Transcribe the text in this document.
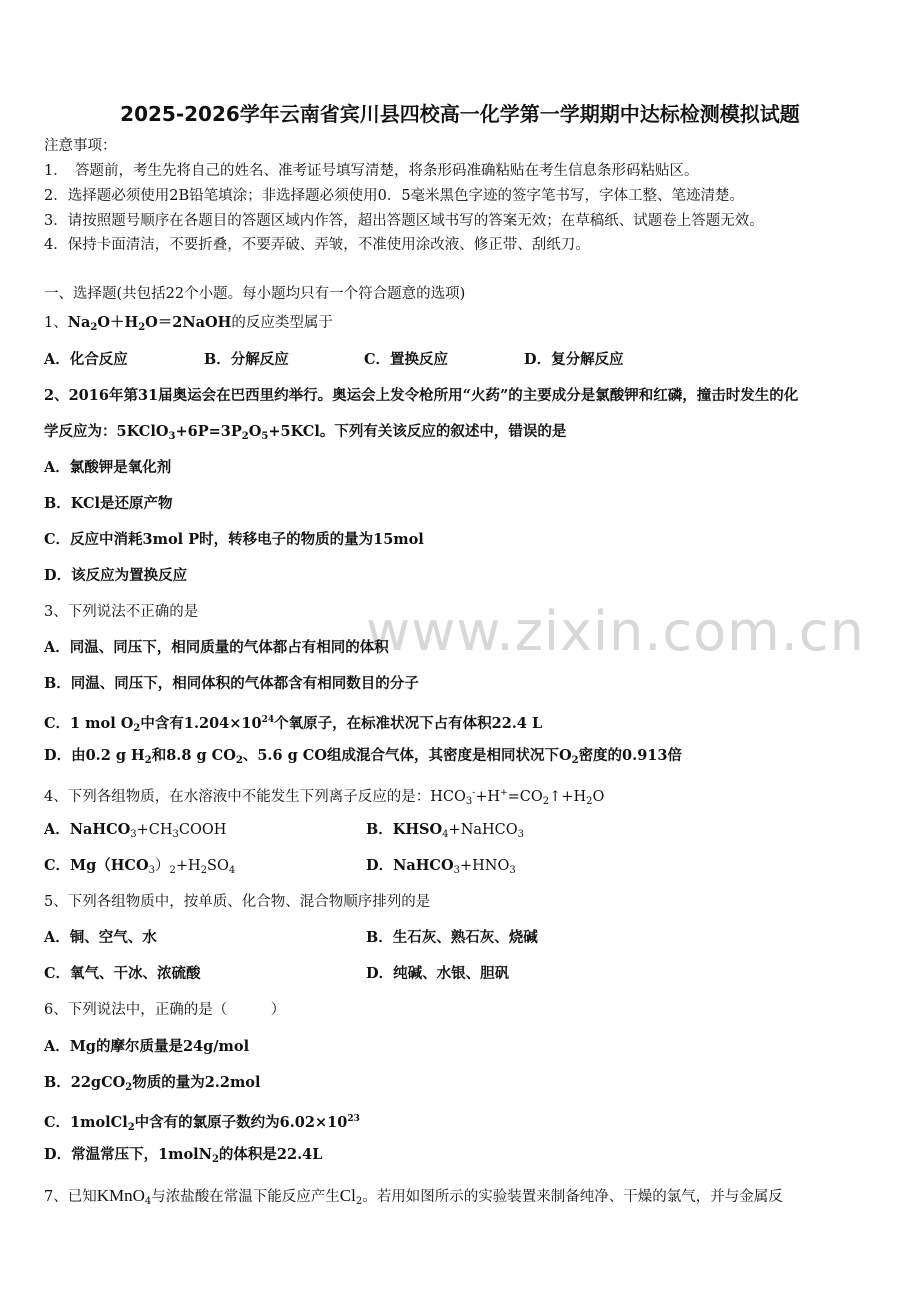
www.zixin.com.cn
2025-2026学年云南省宾川县四校高一化学第一学期期中达标检测模拟试题
注意事项：
1．　答题前，考生先将自己的姓名、准考证号填写清楚，将条形码准确粘贴在考生信息条形码粘贴区。
2．选择题必须使用2B铅笔填涂；非选择题必须使用0．5毫米黑色字迹的签字笔书写，字体工整、笔迹清楚。
3．请按照题号顺序在各题目的答题区域内作答，超出答题区域书写的答案无效；在草稿纸、试题卷上答题无效。
4．保持卡面清洁，不要折叠，不要弄破、弄皱，不准使用涂改液、修正带、刮纸刀。
一、选择题(共包括22个小题。每小题均只有一个符合题意的选项)
1、$Na_2O+H_2O=2NaOH$的反应类型属于
A．化合反应	B．分解反应	C．置换反应	D．复分解反应
2、2016年第31届奥运会在巴西里约举行。奥运会上发令枪所用“火药”的主要成分是氯酸钾和红磷，撞击时发生的化
学反应为：$5KClO_3+6P=3P_2O_5+5KCl$。下列有关该反应的叙述中，错误的是
A．氯酸钾是氧化剂
B．KCl是还原产物
C．反应中消耗3mol P时，转移电子的物质的量为15mol
D．该反应为置换反应
3、下列说法不正确的是
A．同温、同压下，相同质量的气体都占有相同的体积
B．同温、同压下，相同体积的气体都含有相同数目的分子
C．1 mol $O_2$中含有$1.204\times 10^{24}$个氧原子，在标准状况下占有体积22.4 L
D．由0.2 g $H_2$和8.8 g $CO_2$、5.6 g CO组成混合气体，其密度是相同状况下$O_2$密度的0.913倍
4、下列各组物质，在水溶液中不能发生下列离子反应的是：$HCO_3^-+H^+=CO_2↑+H_2O$
A．$NaHCO_3+CH_3COOH$	B．$KHSO_4+NaHCO_3$
C．$Mg(HCO_3)_2+H_2SO_4$	D．$NaHCO_3+HNO_3$
5、下列各组物质中，按单质、化合物、混合物顺序排列的是
A．铜、空气、水	B．生石灰、熟石灰、烧碱
C．氧气、干冰、浓硫酸	D．纯碱、水银、胆矾
6、下列说法中，正确的是（　　　）
A．Mg的摩尔质量是24g/mol
B．22gCO$_2$物质的量为2.2mol
C．1molCl$_2$中含有的氯原子数约为$6.02\times 10^{23}$
D．常温常压下，1molN$_2$的体积是22.4L
7、已知KMnO$_4$与浓盐酸在常温下能反应产生$Cl_2$。若用如图所示的实验装置来制备纯净、干燥的氯气，并与金属反
